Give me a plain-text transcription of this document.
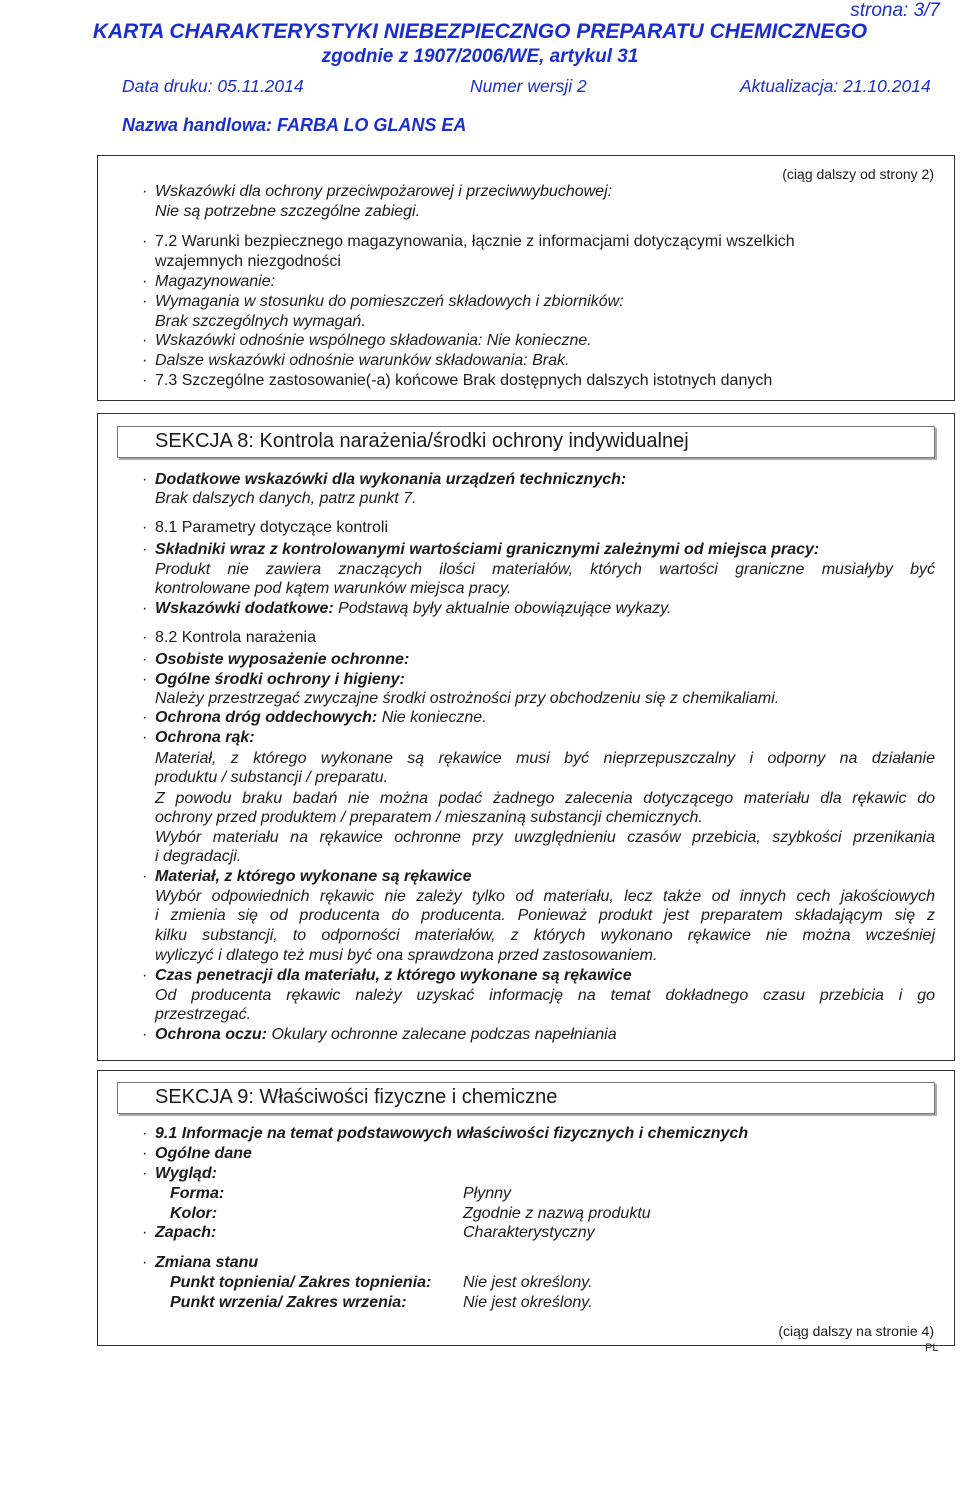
strona: 3/7
KARTA CHARAKTERYSTYKI NIEBEZPIECZNGO PREPARATU CHEMICZNEGO
zgodnie z 1907/2006/WE, artykul 31
Data druku: 05.11.2014	Numer wersji 2	Aktualizacja: 21.10.2014
Nazwa handlowa: FARBA LO GLANS EA
(ciąg dalszy od strony 2)
· Wskazówki dla ochrony przeciwpożarowej i przeciwwybuchowej:
Nie są potrzebne szczególne zabiegi.
· 7.2 Warunki bezpiecznego magazynowania, łącznie z informacjami dotyczącymi wszelkich
wzajemnych niezgodności
· Magazynowanie:
· Wymagania w stosunku do pomieszczeń składowych i zbiorników:
Brak szczególnych wymagań.
· Wskazówki odnośnie wspólnego składowania: Nie konieczne.
· Dalsze wskazówki odnośnie warunków składowania: Brak.
· 7.3 Szczególne zastosowanie(-a) końcowe Brak dostępnych dalszych istotnych danych
SEKCJA 8: Kontrola narażenia/środki ochrony indywidualnej
· Dodatkowe wskazówki dla wykonania urządzeń technicznych:
Brak dalszych danych, patrz punkt 7.
· 8.1 Parametry dotyczące kontroli
· Składniki wraz z kontrolowanymi wartościami granicznymi zależnymi od miejsca pracy:
Produkt nie zawiera znaczących ilości materiałów, których wartości graniczne musiałyby być
kontrolowane pod kątem warunków miejsca pracy.
· Wskazówki dodatkowe: Podstawą były aktualnie obowiązujące wykazy.
· 8.2 Kontrola narażenia
· Osobiste wyposażenie ochronne:
· Ogólne środki ochrony i higieny:
Należy przestrzegać zwyczajne środki ostrożności przy obchodzeniu się z chemikaliami.
· Ochrona dróg oddechowych: Nie konieczne.
· Ochrona rąk:
Materiał, z którego wykonane są rękawice musi być nieprzepuszczalny i odporny na działanie
produktu / substancji / preparatu.
Z powodu braku badań nie można podać żadnego zalecenia dotyczącego materiału dla rękawic do
ochrony przed produktem / preparatem / mieszaniną substancji chemicznych.
Wybór materiału na rękawice ochronne przy uwzględnieniu czasów przebicia, szybkości przenikania
i degradacji.
· Materiał, z którego wykonane są rękawice
Wybór odpowiednich rękawic nie zależy tylko od materiału, lecz także od innych cech jakościowych
i zmienia się od producenta do producenta. Ponieważ produkt jest preparatem składającym się z
kilku substancji, to odporności materiałów, z których wykonano rękawice nie można wcześniej
wyliczyć i dlatego też musi być ona sprawdzona przed zastosowaniem.
· Czas penetracji dla materiału, z którego wykonane są rękawice
Od producenta rękawic należy uzyskać informację na temat dokładnego czasu przebicia i go
przestrzegać.
· Ochrona oczu: Okulary ochronne zalecane podczas napełniania
SEKCJA 9: Właściwości fizyczne i chemiczne
· 9.1 Informacje na temat podstawowych właściwości fizycznych i chemicznych
· Ogólne dane
· Wygląd:
Forma:	Płynny
Kolor:	Zgodnie z nazwą produktu
· Zapach:	Charakterystyczny
· Zmiana stanu
Punkt topnienia/ Zakres topnienia: Nie jest określony.
Punkt wrzenia/ Zakres wrzenia:	Nie jest określony.
(ciąg dalszy na stronie 4)
PL
